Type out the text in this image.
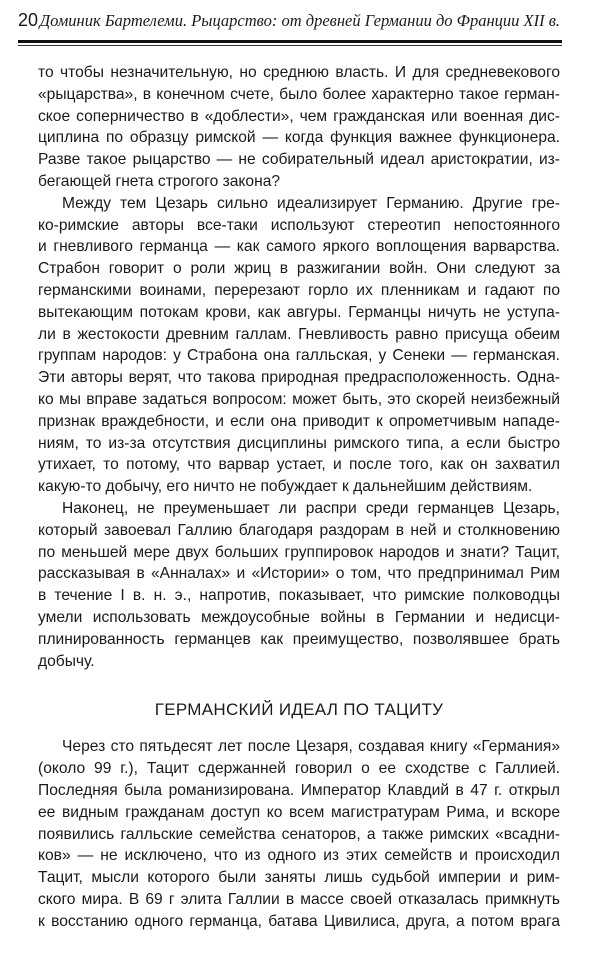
20 Доминик Бартелеми. Рыцарство: от древней Германии до Франции XII в.
то чтобы незначительную, но среднюю власть. И для средневекового
«рыцарства», в конечном счете, было более характерно такое герман-
ское соперничество в «доблести», чем гражданская или военная дис-
циплина по образцу римской — когда функция важнее функционера.
Разве такое рыцарство — не собирательный идеал аристократии, из-
бегающей гнета строгого закона?
Между тем Цезарь сильно идеализирует Германию. Другие гре-
ко-римские авторы все-таки используют стереотип непостоянного
и гневливого германца — как самого яркого воплощения варварства.
Страбон говорит о роли жриц в разжигании войн. Они следуют за
германскими воинами, перерезают горло их пленникам и гадают по
вытекающим потокам крови, как авгуры. Германцы ничуть не уступа-
ли в жестокости древним галлам. Гневливость равно присуща обеим
группам народов: у Страбона она галльская, у Сенеки — германская.
Эти авторы верят, что такова природная предрасположенность. Одна-
ко мы вправе задаться вопросом: может быть, это скорей неизбежный
признак враждебности, и если она приводит к опрометчивым нападе-
ниям, то из-за отсутствия дисциплины римского типа, а если быстро
утихает, то потому, что варвар устает, и после того, как он захватил
какую-то добычу, его ничто не побуждает к дальнейшим действиям.
Наконец, не преуменьшает ли распри среди германцев Цезарь,
который завоевал Галлию благодаря раздорам в ней и столкновению
по меньшей мере двух больших группировок народов и знати? Тацит,
рассказывая в «Анналах» и «Истории» о том, что предпринимал Рим
в течение I в. н. э., напротив, показывает, что римские полководцы
умели использовать междоусобные войны в Германии и недисци-
плинированность германцев как преимущество, позволявшее брать
добычу.
ГЕРМАНСКИЙ ИДЕАЛ ПО ТАЦИТУ
Через сто пятьдесят лет после Цезаря, создавая книгу «Германия»
(около 99 г.), Тацит сдержанней говорил о ее сходстве с Галлией.
Последняя была романизирована. Император Клавдий в 47 г. открыл
ее видным гражданам доступ ко всем магистратурам Рима, и вскоре
появились галльские семейства сенаторов, а также римских «всадни-
ков» — не исключено, что из одного из этих семейств и происходил
Тацит, мысли которого были заняты лишь судьбой империи и рим-
ского мира. В 69 г элита Галлии в массе своей отказалась примкнуть
к восстанию одного германца, батава Цивилиса, друга, а потом врага
